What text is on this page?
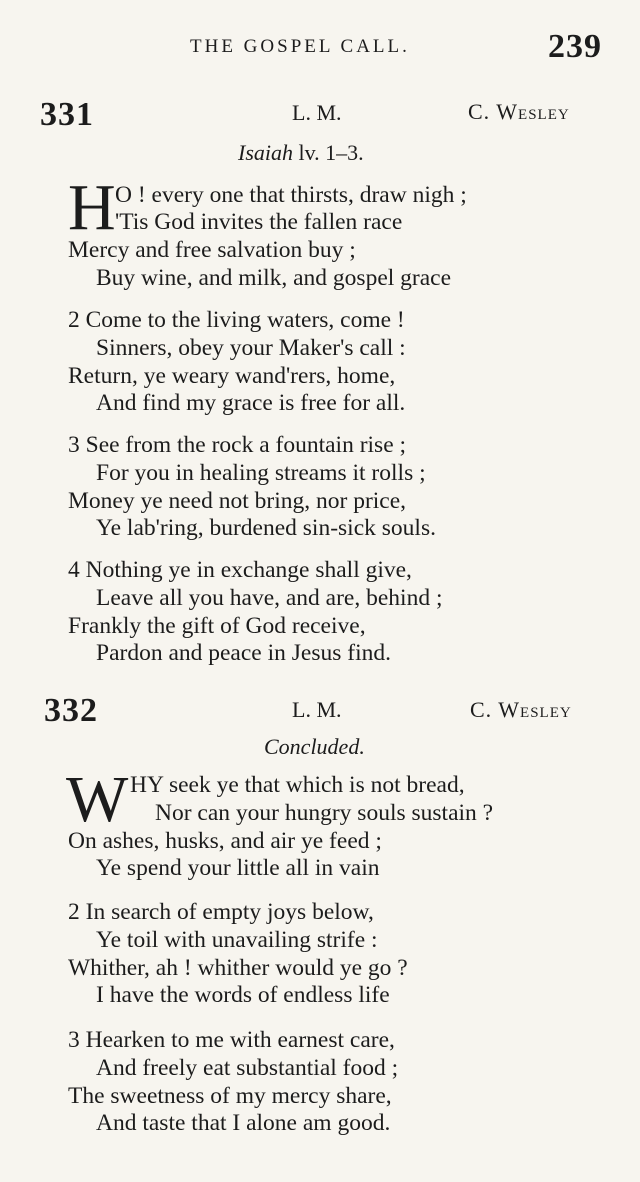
THE GOSPEL CALL.	239
331	L. M.	C. Wesley
Isaiah lv. 1–3.
H O ! every one that thirsts, draw nigh ;
'Tis God invites the fallen race
Mercy and free salvation buy ;
Buy wine, and milk, and gospel grace
2 Come to the living waters, come !
Sinners, obey your Maker's call :
Return, ye weary wand'rers, home,
And find my grace is free for all.
3 See from the rock a fountain rise ;
For you in healing streams it rolls ;
Money ye need not bring, nor price,
Ye lab'ring, burdened sin-sick souls.
4 Nothing ye in exchange shall give,
Leave all you have, and are, behind ;
Frankly the gift of God receive,
Pardon and peace in Jesus find.
332	L. M.	C. Wesley
Concluded.
W HY seek ye that which is not bread,
Nor can your hungry souls sustain ?
On ashes, husks, and air ye feed ;
Ye spend your little all in vain
2 In search of empty joys below,
Ye toil with unavailing strife :
Whither, ah ! whither would ye go ?
I have the words of endless life
3 Hearken to me with earnest care,
And freely eat substantial food ;
The sweetness of my mercy share,
And taste that I alone am good.
